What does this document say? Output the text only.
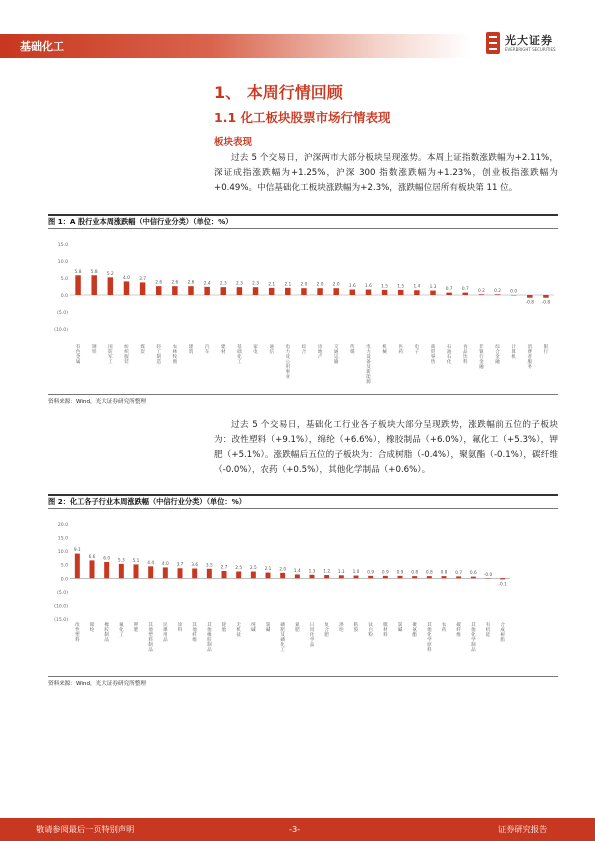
基础化工	光大证券
EVERBRIGHT SECURITIES
1、 本周行情回顾
1.1 化工板块股票市场行情表现
板块表现
过去 5 个交易日，沪深两市大部分板块呈现涨势。本周上证指数涨跌幅为+2.11%，深证成指涨跌幅为+1.25%，沪深 300 指数涨跌幅为+1.23%，创业板指涨跌幅为+0.49%。中信基础化工板块涨跌幅为+2.3%，涨跌幅位居所有板块第 11 位。
图 1：A 股行业本周涨跌幅（中信行业分类）（单位：%）
15.0
10.0
5.0
0.0
(5.0)
(10.0)
5.8
有色金属
5.8
钢铁
5.2
国防军工
4.0
纺织服装
3.7
煤炭
2.6
轻工制造
2.6
农林牧渔
2.6
建筑
2.4
汽车
2.3
建材
2.3
基础化工
2.3
家电
2.1
通信
2.1
电力及公用事业
2.0
综合
2.0
房地产
2.0
交通运输
1.6
传媒
1.6
电力设备及新能源
1.5
机械
1.5
医药
1.4
电子
1.3
商贸零售
0.7
石油石化
0.7
食品饮料
0.2
非银行金融
0.2
综合金融
0.0
计算机
-0.8
消费者服务
-0.8
银行
资料来源：Wind，光大证券研究所整理
过去 5 个交易日，基础化工行业各子板块大部分呈现跌势，涨跌幅前五位的子板块为：改性塑料（+9.1%），绵纶（+6.6%），橡胶制品（+6.0%），氟化工（+5.3%），钾肥（+5.1%）。涨跌幅后五位的子板块为：合成树脂（-0.4%），聚氨酯（-0.1%），碳纤维（-0.0%），农药（+0.5%），其他化学制品（+0.6%）。
图 2：化工各子行业本周涨跌幅（中信行业分类）（单位：%）
20.0
15.0
10.0
5.0
0.0
(5.0)
(10.0)
(15.0)
9.1
改性塑料
6.6
锦纶
6.0
橡胶制品
5.3
氟化工
5.1
钾肥
4.4
其他塑料制品
4.0
民爆用品
3.7
涂料
3.6
其他纤维
3.5
其他橡胶制品
2.7
轮胎
2.5
无机盐
2.5
纯碱
2.1
氯碱
2.0
磷肥及磷化工
1.4
氮肥
1.3
日用化学品
1.2
复合肥
1.1
涤纶
1.0
粘胶
0.9
钛白粉
0.9
膜材料
0.9
氯碱
0.8
聚氨酯
0.8
其他化学原料
0.8
农药
0.7
碳纤维
0.6
其他化学制品
-0.0
有机硅
-0.1
合成树脂
资料来源：Wind，光大证券研究所整理
敬请参阅最后一页特别声明	-3-	证券研究报告
